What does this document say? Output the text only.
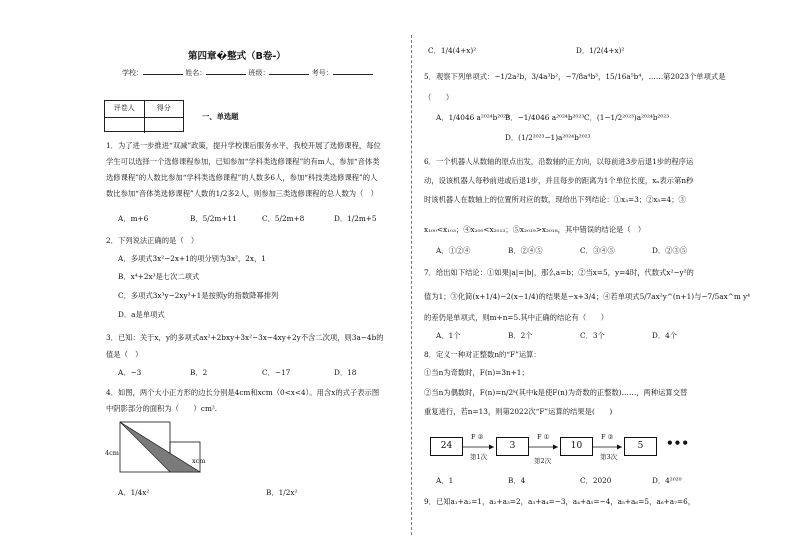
第四章�整式（B卷-）
学校：	姓名：	班级：	考号：
评卷人	得分
一、单选题
1．为了进一步推进“双减”政策，提升学校课后服务水平，我校开展了选修课程，每位
学生可以选择一个选修课程参加，已知参加“学科类选修课程”的有m人，参加“音体类
选修课程”的人数比参加“学科类选修课程”的人数多6人，参加“科技类选修课程”的人
数比参加“音体类选修课程”人数的1/2多2人，则参加三类选修课程的总人数为（　）
A．m+6	B．5/2m+11	C．5/2m+8	D．1/2m+5
2．下列说法正确的是（　）
A．多项式3x²−2x+1的项分别为3x²，2x，1
B．x⁴+2x³是七次二项式
C．多项式3x³y−2xy³+1是按照y的指数降幂排列
D．a是单项式
3．已知：关于x，y的多项式ax²+2bxy+3x²−3x−4xy+2y不含二次项，则3a−4b的
值是（　）
A．−3	B．2	C．−17	D．18
4．如图，两个大小正方形的边长分别是4cm和xcm（0<x<4）。用含x的式子表示图
中阴影部分的面积为（　　）cm².
4cm
xcm
A．1/4x²	B．1/2x²
C．1/4(4+x)²	D．1/2(4+x)²
5．观察下列单项式：−1/2a²b，3/4a³b²，−7/8a⁴b³，15/16a⁵b⁴，……第2023个单项式是
（　　）
A．1/4046 a²⁰²⁴b²⁰²³
B．−1/4046 a²⁰²⁴b²⁰²³ C．(1−1/2²⁰²³)a²⁰²⁴b²⁰²³
D．(1/2²⁰²³−1)a²⁰²⁴b²⁰²³
6．一个机器人从数轴的原点出发，沿数轴的正方向，以每前进3步后退1步的程序运
动，设该机器人每秒前进或后退1步，并且每步的距离为1个单位长度，xₙ表示第n秒
时该机器人在数轴上的位置所对应的数，现给出下列结论：①x₃=3；②x₅=4；③
x₁₀₀<x₁₀₃；④x₂₀₀<x₂₀₁₃；⑤x₂₀₁₉>x₂₀₁₈，其中错误的结论是（　）
A．①②④	B．②④⑤	C．③④⑤	D．②③⑤
7．给出如下结论：①如果|a|=|b|，那么a=b；②当x=5，y=4时，代数式x²−y²的
值为1；③化简(x+1/4)−2(x−1/4)的结果是−x+3/4；④若单项式5/7ax²y^(n+1)与−7/5ax^m y⁴
的差仍是单项式，则m+n=5.其中正确的结论有（　　）
A．1个	B．2个	C．3个	D．4个
8．定义一种对正整数n的“F”运算：
①当n为奇数时，F(n)=3n+1；
②当n为偶数时，F(n)=n/2ᵏ(其中k是使F(n)为奇数的正整数)……，两种运算交替
重复进行，若n=13，则第2022次“F”运算的结果是(　　)
24	3	10	5
F ②	F ①	F ②
第1次	第2次	第3次
•••
A．1	B．4	C．2020	D．4²⁰²⁰
9．已知a₁+a₂=1，a₂+a₃=2，a₃+a₄=−3，a₄+a₅=−4，a₅+a₆=5，a₆+a₇=6，
